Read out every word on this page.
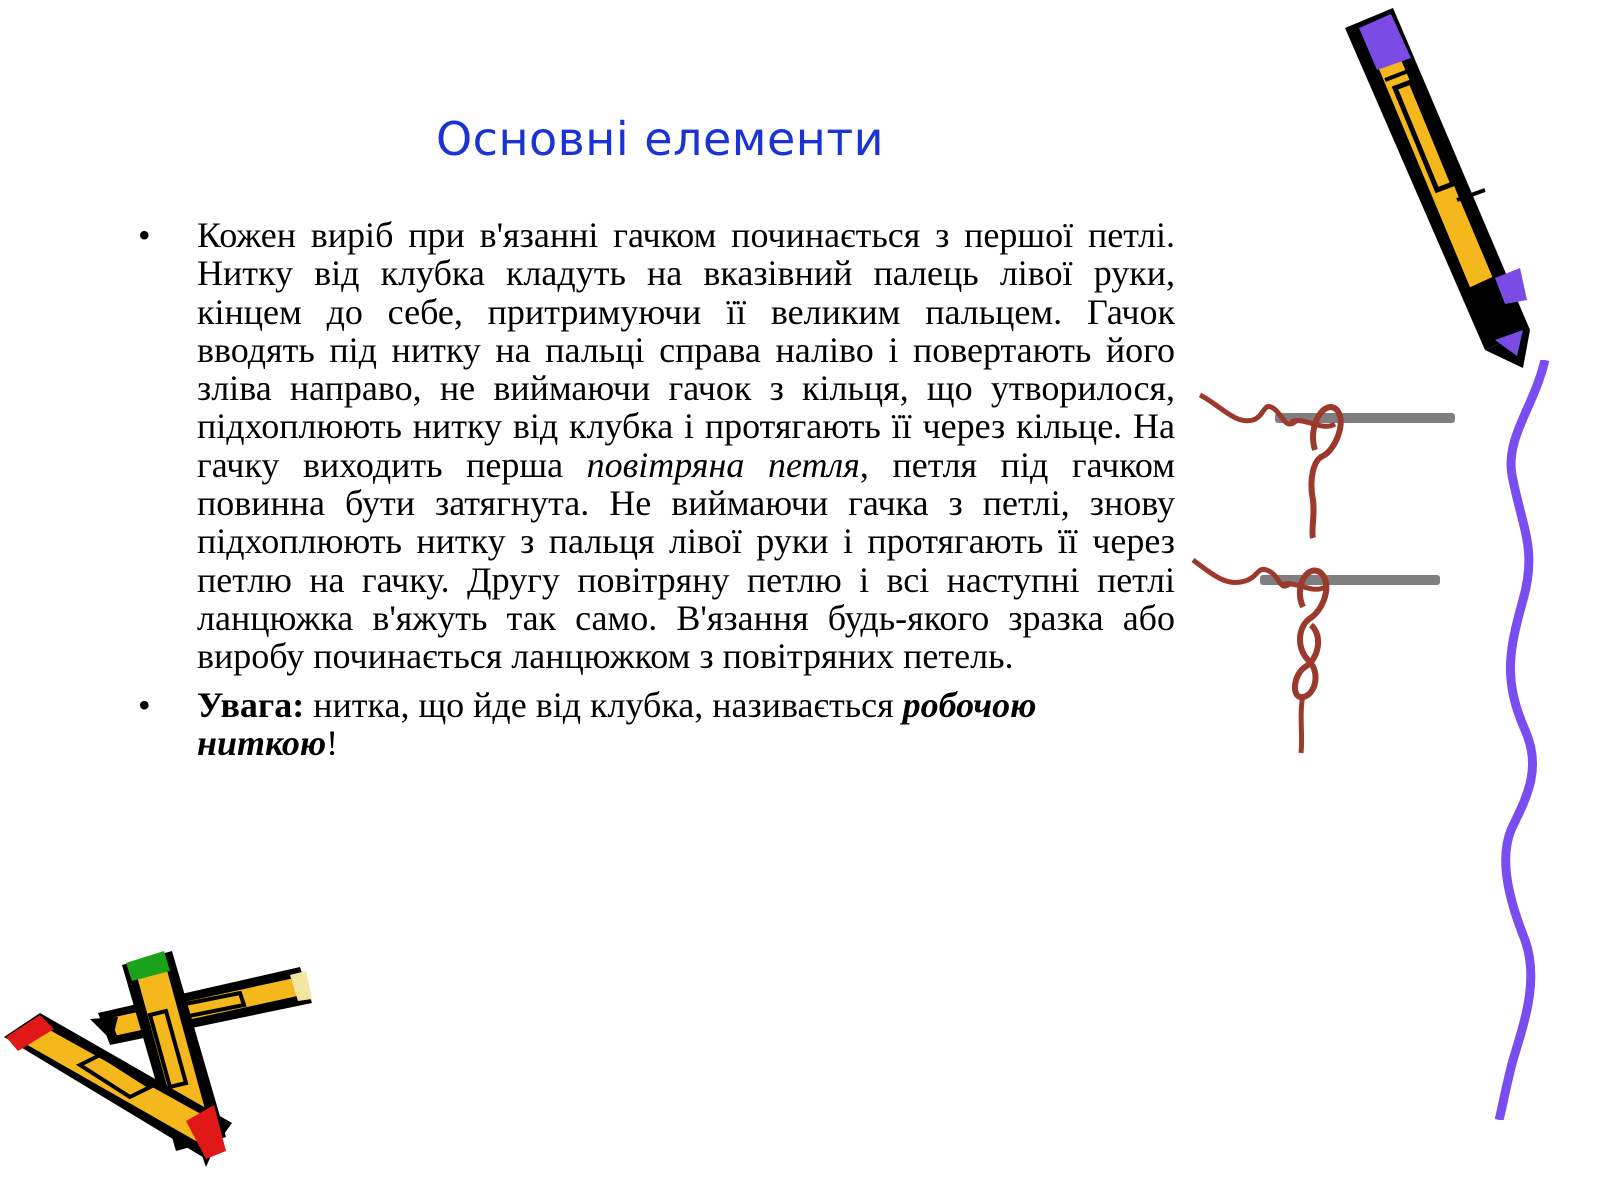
Основні елементи
• Кожен виріб при в'язанні гачком починається з першої петлі. Нитку від клубка кладуть на вказівний палець лівої руки, кінцем до себе, притримуючи її великим пальцем. Гачок вводять під нитку на пальці справа наліво і повертають його зліва направо, не виймаючи гачок з кільця, що утворилося, підхоплюють нитку від клубка і протягають її через кільце. На гачку виходить перша повітряна петля, петля під гачком повинна бути затягнута. Не виймаючи гачка з петлі, знову підхоплюють нитку з пальця лівої руки і протягають її через петлю на гачку. Другу повітряну петлю і всі наступні петлі ланцюжка в'яжуть так само. В'язання будь-якого зразка або виробу починається ланцюжком з повітряних петель.
• Увага: нитка, що йде від клубка, називається робочою ниткою!
